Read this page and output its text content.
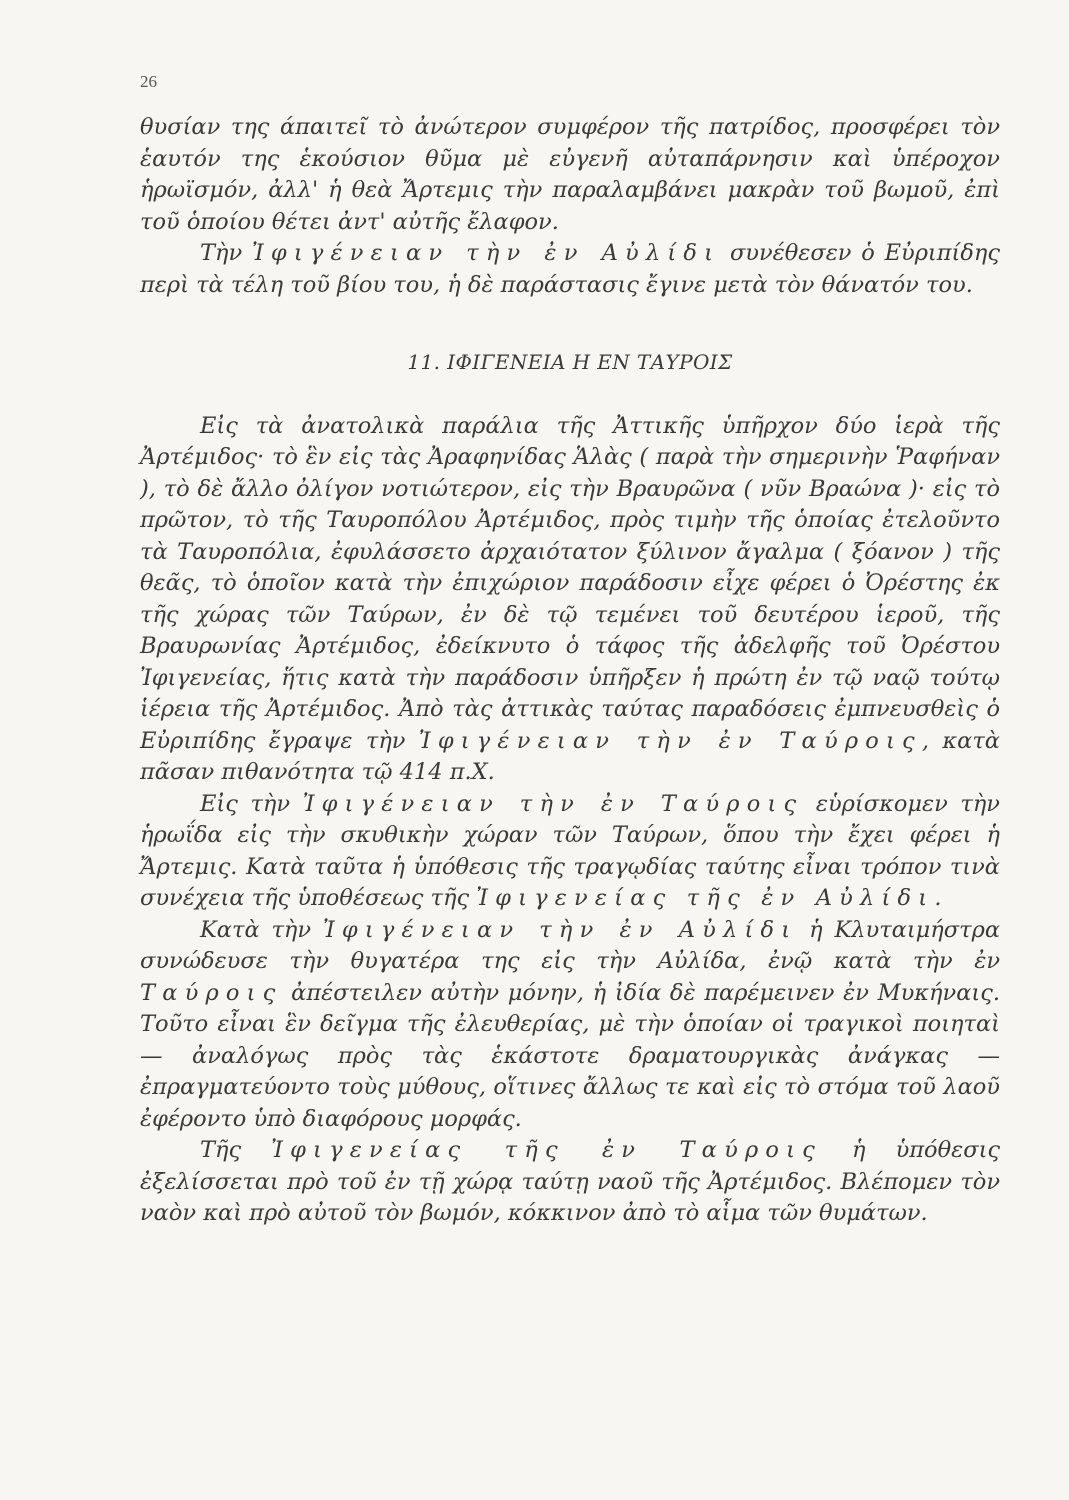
26

θυσίαν της άπαιτεῖ τὸ ἀνώτερον συμφέρον τῆς πατρίδος, προσφέρει τὸν ἑαυτόν της ἑκούσιον θῦμα μὲ εὐγενῆ αὐταπάρνησιν καὶ ὑπέροχον ἡρωϊσμόν, ἀλλ' ἡ θεὰ Ἄρτεμις τὴν παραλαμβάνει μακρὰν τοῦ βωμοῦ, ἐπὶ τοῦ ὁποίου θέτει ἀντ' αὐτῆς ἔλαφον.

Τὴν Ἰφιγένειαν τὴν ἐν Αὐλίδι συνέθεσεν ὁ Εὐριπίδης περὶ τὰ τέλη τοῦ βίου του, ἡ δὲ παράστασις ἔγινε μετὰ τὸν θάνατόν του.

11. ΙΦΙΓΕΝΕΙΑ Η ΕΝ ΤΑΥΡΟΙΣ

Εἰς τὰ ἀνατολικὰ παράλια τῆς Ἀττικῆς ὑπῆρχον δύο ἱερὰ τῆς Ἀρτέμιδος· τὸ ἓν εἰς τὰς Ἀραφηνίδας Ἁλὰς ( παρὰ τὴν σημερινὴν Ῥαφήναν ), τὸ δὲ ἄλλο ὀλίγον νοτιώτερον, εἰς τὴν Βραυρῶνα ( νῦν Βραώνα )· εἰς τὸ πρῶτον, τὸ τῆς Ταυροπόλου Ἀρτέμιδος, πρὸς τιμὴν τῆς ὁποίας ἐτελοῦντο τὰ Ταυροπόλια, ἐφυλάσσετο ἀρχαιότατον ξύλινον ἄγαλμα ( ξόανον ) τῆς θεᾶς, τὸ ὁποῖον κατὰ τὴν ἐπιχώριον παράδοσιν εἶχε φέρει ὁ Ὀρέστης ἐκ τῆς χώρας τῶν Ταύρων, ἐν δὲ τῷ τεμένει τοῦ δευτέρου ἱεροῦ, τῆς Βραυρωνίας Ἀρτέμιδος, ἐδείκνυτο ὁ τάφος τῆς ἀδελφῆς τοῦ Ὀρέστου Ἰφιγενείας, ἥτις κατὰ τὴν παράδοσιν ὑπῆρξεν ἡ πρώτη ἐν τῷ ναῷ τούτῳ ἱέρεια τῆς Ἀρτέμιδος. Ἀπὸ τὰς ἀττικὰς ταύτας παραδόσεις ἐμπνευσθεὶς ὁ Εὐριπίδης ἔγραψε τὴν Ἰφιγένειαν τὴν ἐν Ταύροις, κατὰ πᾶσαν πιθανότητα τῷ 414 π.Χ.

Εἰς τὴν Ἰφιγένειαν τὴν ἐν Ταύροις εὑρίσκομεν τὴν ἡρωΐδα εἰς τὴν σκυθικὴν χώραν τῶν Ταύρων, ὅπου τὴν ἔχει φέρει ἡ Ἄρτεμις. Κατὰ ταῦτα ἡ ὑπόθεσις τῆς τραγῳδίας ταύτης εἶναι τρόπον τινὰ συνέχεια τῆς ὑποθέσεως τῆς Ἰφιγενείας τῆς ἐν Αὐλίδι.

Κατὰ τὴν Ἰφιγένειαν τὴν ἐν Αὐλίδι ἡ Κλυταιμήστρα συνώδευσε τὴν θυγατέρα της εἰς τὴν Αὐλίδα, ἐνῷ κατὰ τὴν ἐν Ταύροις ἀπέστειλεν αὐτὴν μόνην, ἡ ἰδία δὲ παρέμεινεν ἐν Μυκήναις. Τοῦτο εἶναι ἓν δεῖγμα τῆς ἐλευθερίας, μὲ τὴν ὁποίαν οἱ τραγικοὶ ποιηταὶ — ἀναλόγως πρὸς τὰς ἑκάστοτε δραματουργικὰς ἀνάγκας — ἐπραγματεύοντο τοὺς μύθους, οἵτινες ἄλλως τε καὶ εἰς τὸ στόμα τοῦ λαοῦ ἐφέροντο ὑπὸ διαφόρους μορφάς.

Τῆς Ἰφιγενείας τῆς ἐν Ταύροις ἡ ὑπόθεσις ἐξελίσσεται πρὸ τοῦ ἐν τῇ χώρᾳ ταύτῃ ναοῦ τῆς Ἀρτέμιδος. Βλέπομεν τὸν ναὸν καὶ πρὸ αὐτοῦ τὸν βωμόν, κόκκινον ἀπὸ τὸ αἷμα τῶν θυμάτων.
